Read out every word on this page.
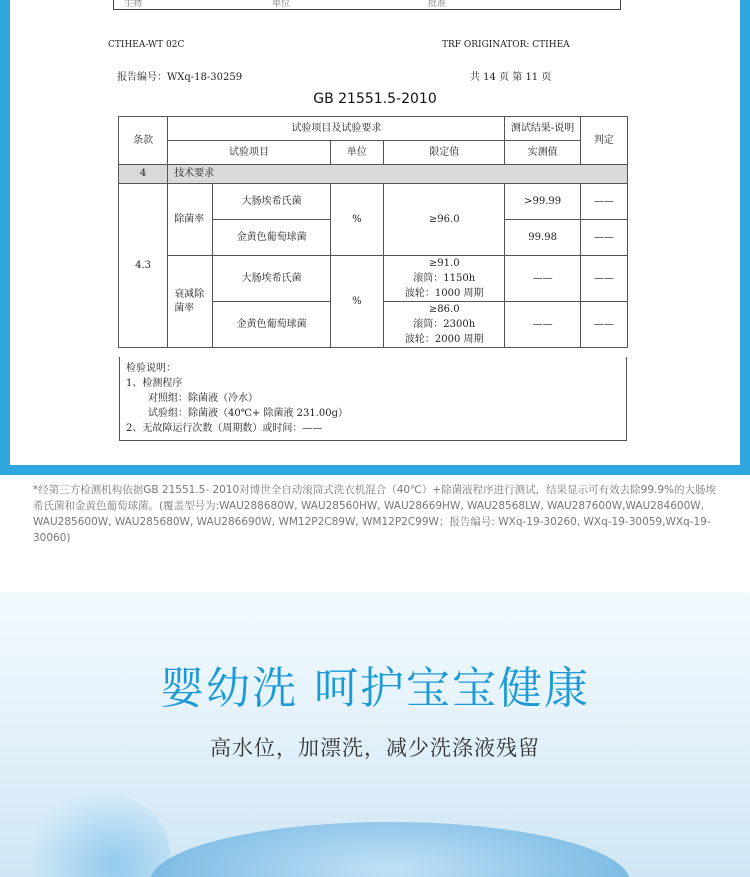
生物	单位	批准
CTIHEA-WT 02C	TRF ORIGINATOR: CTIHEA
报告编号：WXq-18-30259	共 14 页 第 11 页
GB 21551.5-2010
条款	试验项目及试验要求				测试结果-说明	判定
	试验项目		单位	限定值	实测值	
4	技术要求					
4.3	除菌率	大肠埃希氏菌	%	≥96.0	>99.99	——
		金黄色葡萄球菌			99.98	——
	衰减除菌率	大肠埃希氏菌	%	≥91.0
滚筒：1150h
波轮：1000 周期	——	——
		金黄色葡萄球菌		≥86.0
滚筒：2300h
波轮：2000 周期	——	——
检验说明：
1、检测程序
对照组：除菌液（冷水）
试验组：除菌液（40℃+ 除菌液 231.00g）
2、无故障运行次数（周期数）或时间：——
*经第三方检测机构依据GB 21551.5- 2010对博世全自动滚筒式洗衣机混合（40℃）+除菌液程序进行测试，结果显示可有效去除99.9%的大肠埃希氏菌和金黄色葡萄球菌。(覆盖型号为:WAU288680W, WAU28560HW, WAU28669HW, WAU28568LW, WAU287600W,WAU284600W, WAU285600W, WAU285680W, WAU286690W, WM12P2C89W, WM12P2C99W；报告编号: WXq-19-30260, WXq-19-30059,WXq-19-30060)
婴幼洗 呵护宝宝健康
高水位，加漂洗，减少洗涤液残留
